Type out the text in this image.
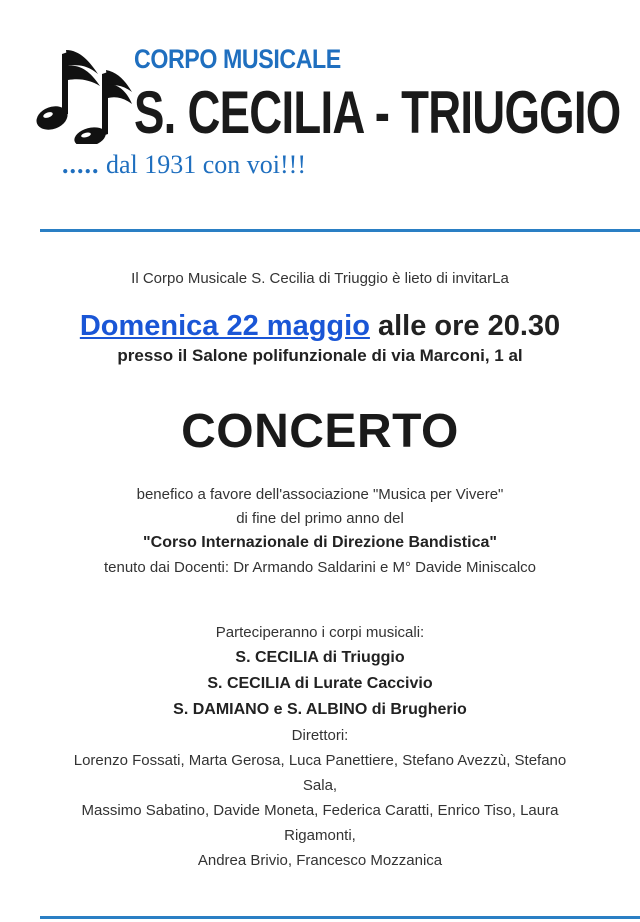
CORPO MUSICALE
S. CECILIA - TRIUGGIO
..... dal 1931 con voi!!!
Il Corpo Musicale S. Cecilia di Triuggio è lieto di invitarLa
Domenica 22 maggio alle ore 20.30
presso il Salone polifunzionale di via Marconi, 1 al
CONCERTO
benefico a favore dell'associazione "Musica per Vivere"
di fine del primo anno del
"Corso Internazionale di Direzione Bandistica"
tenuto dai Docenti: Dr Armando Saldarini e M° Davide Miniscalco
Parteciperanno i corpi musicali:
S. CECILIA di Triuggio
S. CECILIA di Lurate Caccivio
S. DAMIANO e S. ALBINO di Brugherio
Direttori:
Lorenzo Fossati, Marta Gerosa, Luca Panettiere, Stefano Avezzù, Stefano
Sala,
Massimo Sabatino, Davide Moneta, Federica Caratti, Enrico Tiso, Laura
Rigamonti,
Andrea Brivio, Francesco Mozzanica
